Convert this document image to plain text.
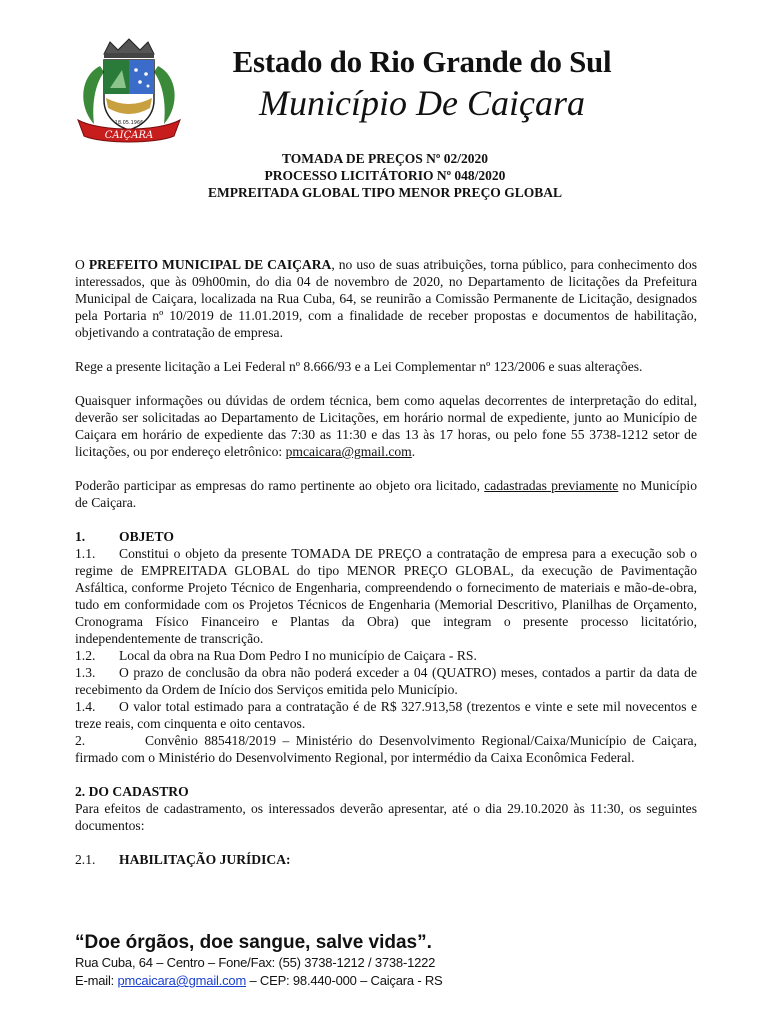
18.05.1966
CAIÇARA
Estado do Rio Grande do Sul
Município De Caiçara
TOMADA DE PREÇOS Nº 02/2020
PROCESSO LICITÁTORIO Nº 048/2020
EMPREITADA GLOBAL TIPO MENOR PREÇO GLOBAL

O PREFEITO MUNICIPAL DE CAIÇARA, no uso de suas atribuições, torna público, para conhecimento dos interessados, que às 09h00min, do dia 04 de novembro de 2020, no Departamento de licitações da Prefeitura Municipal de Caiçara, localizada na Rua Cuba, 64, se reunirão a Comissão Permanente de Licitação, designados pela Portaria nº 10/2019 de 11.01.2019, com a finalidade de receber propostas e documentos de habilitação, objetivando a contratação de empresa.

Rege a presente licitação a Lei Federal nº 8.666/93 e a Lei Complementar nº 123/2006 e suas alterações.

Quaisquer informações ou dúvidas de ordem técnica, bem como aquelas decorrentes de interpretação do edital, deverão ser solicitadas ao Departamento de Licitações, em horário normal de expediente, junto ao Município de Caiçara em horário de expediente das 7:30 as 11:30 e das 13 às 17 horas, ou pelo fone 55 3738-1212 setor de licitações, ou por endereço eletrônico: pmcaicara@gmail.com.

Poderão participar as empresas do ramo pertinente ao objeto ora licitado, cadastradas previamente no Município de Caiçara.

1. OBJETO
1.1. Constitui o objeto da presente TOMADA DE PREÇO a contratação de empresa para a execução sob o regime de EMPREITADA GLOBAL do tipo MENOR PREÇO GLOBAL, da execução de Pavimentação Asfáltica, conforme Projeto Técnico de Engenharia, compreendendo o fornecimento de materiais e mão-de-obra, tudo em conformidade com os Projetos Técnicos de Engenharia (Memorial Descritivo, Planilhas de Orçamento, Cronograma Físico Financeiro e Plantas da Obra) que integram o presente processo licitatório, independentemente de transcrição.
1.2. Local da obra na Rua Dom Pedro I no município de Caiçara - RS.
1.3. O prazo de conclusão da obra não poderá exceder a 04 (QUATRO) meses, contados a partir da data de recebimento da Ordem de Início dos Serviços emitida pelo Município.
1.4. O valor total estimado para a contratação é de R$ 327.913,58 (trezentos e vinte e sete mil novecentos e treze reais, com cinquenta e oito centavos.
2.	Convênio 885418/2019 – Ministério do Desenvolvimento Regional/Caixa/Município de Caiçara, firmado com o Ministério do Desenvolvimento Regional, por intermédio da Caixa Econômica Federal.
2. DO CADASTRO
Para efeitos de cadastramento, os interessados deverão apresentar, até o dia 29.10.2020 às 11:30, os seguintes documentos:
2.1. HABILITAÇÃO JURÍDICA:
“Doe órgãos, doe sangue, salve vidas”.
Rua Cuba, 64 – Centro – Fone/Fax: (55) 3738-1212 / 3738-1222
E-mail: pmcaicara@gmail.com – CEP: 98.440-000 – Caiçara - RS
